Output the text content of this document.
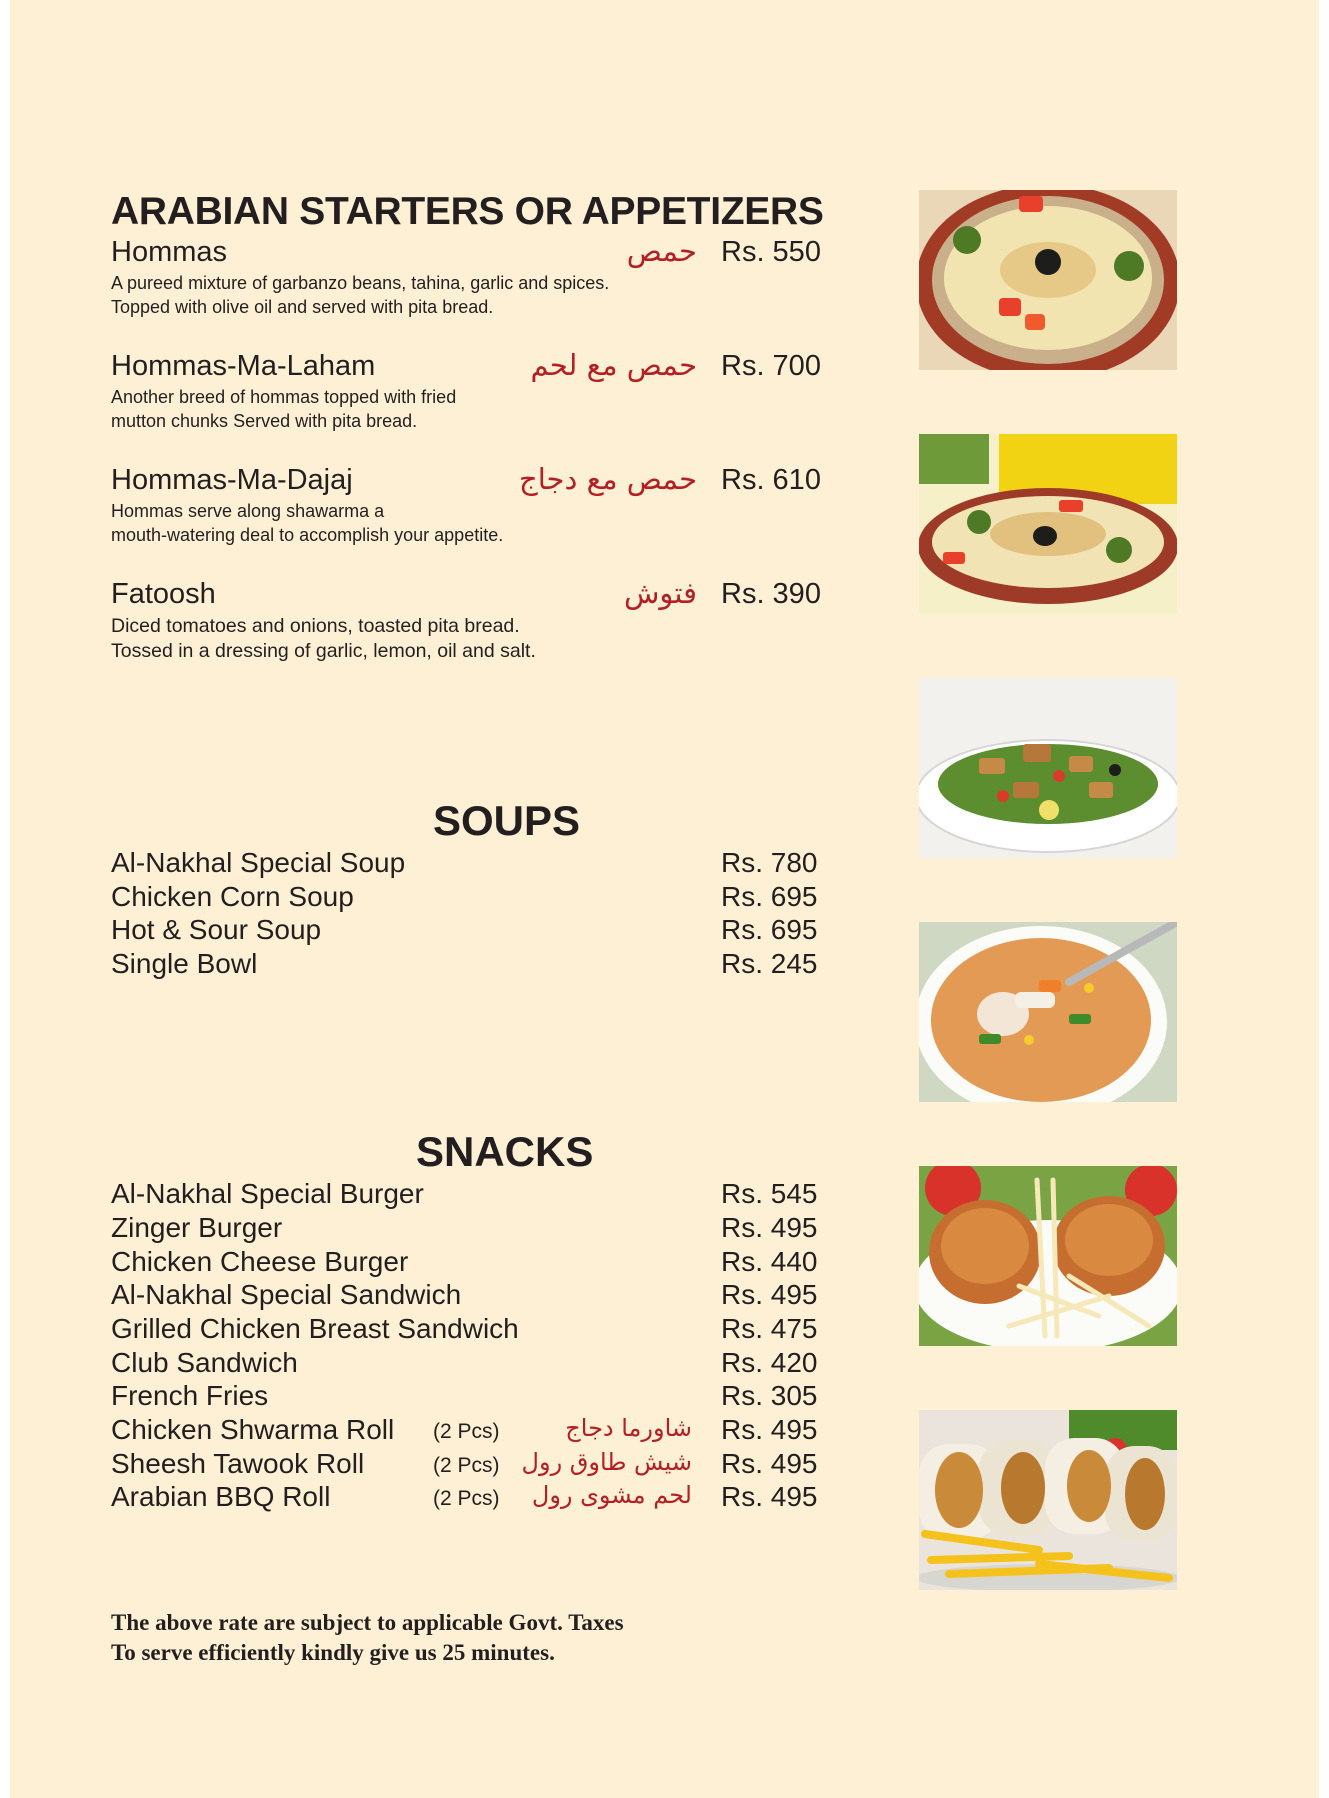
ARABIAN STARTERS OR APPETIZERS
Hommas	حمص Rs. 550
A pureed mixture of garbanzo beans, tahina, garlic and spices.
Topped with olive oil and served with pita bread.
Hommas-Ma-Laham	حمص مع لحم Rs. 700
Another breed of hommas topped with fried
mutton chunks Served with pita bread.
Hommas-Ma-Dajaj	حمص مع دجاج Rs. 610
Hommas serve along shawarma a
mouth-watering deal to accomplish your appetite.
Fatoosh	فتوش Rs. 390
Diced tomatoes and onions, toasted pita bread.
Tossed in a dressing of garlic, lemon, oil and salt.
SOUPS
Al-Nakhal Special Soup	Rs. 780
Chicken Corn Soup	Rs. 695
Hot & Sour Soup	Rs. 695
Single Bowl	Rs. 245
SNACKS
Al-Nakhal Special Burger	Rs. 545
Zinger Burger	Rs. 495
Chicken Cheese Burger	Rs. 440
Al-Nakhal Special Sandwich	Rs. 495
Grilled Chicken Breast Sandwich	Rs. 475
Club Sandwich	Rs. 420
French Fries	Rs. 305
Chicken Shwarma Roll (2 Pcs)	شاورما دجاج Rs. 495
Sheesh Tawook Roll	(2 Pcs) شيش طاوق رول Rs. 495
Arabian BBQ Roll	(2 Pcs) لحم مشوى رول Rs. 495
The above rate are subject to applicable Govt. Taxes
To serve efficiently kindly give us 25 minutes.
